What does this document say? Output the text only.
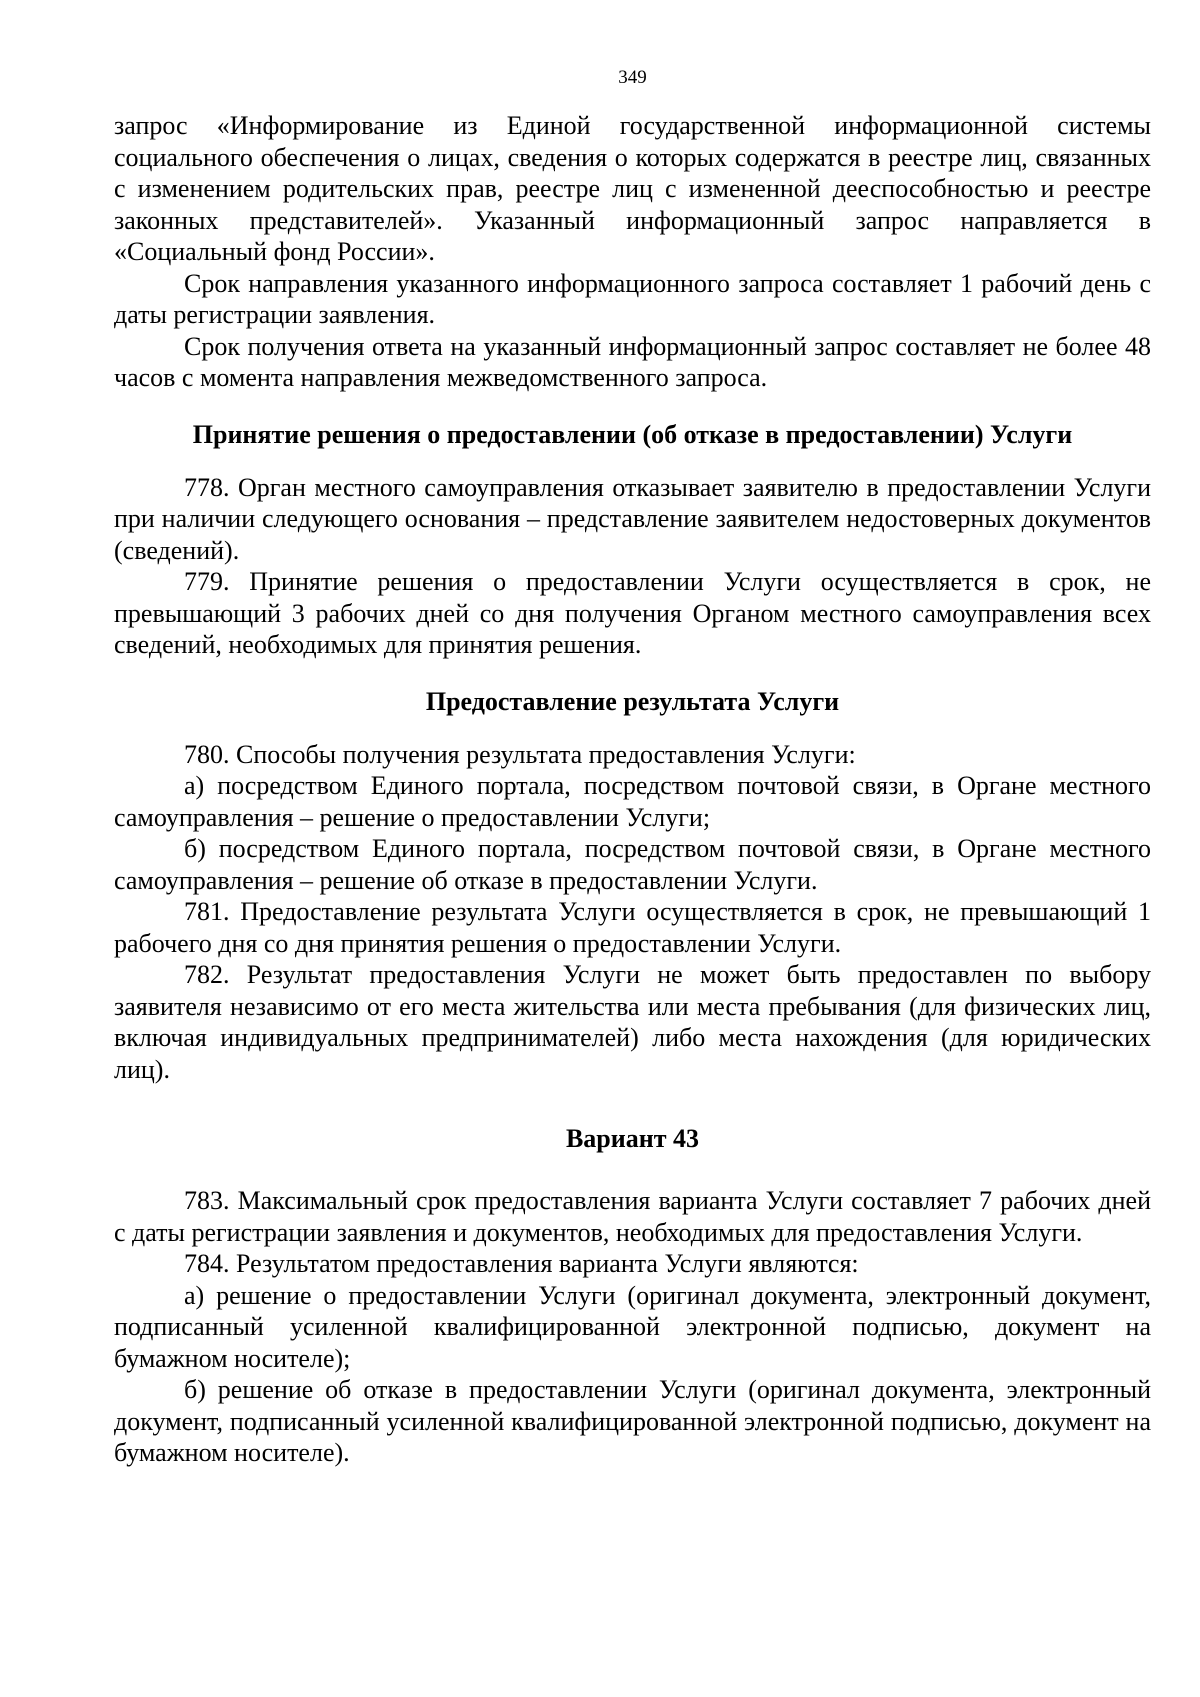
349

запрос «Информирование из Единой государственной информационной системы социального обеспечения о лицах, сведения о которых содержатся в реестре лиц, связанных с изменением родительских прав, реестре лиц с измененной дееспособностью и реестре законных представителей». Указанный информационный запрос направляется в «Социальный фонд России».

Срок направления указанного информационного запроса составляет 1 рабочий день с даты регистрации заявления.

Срок получения ответа на указанный информационный запрос составляет не более 48 часов с момента направления межведомственного запроса.

Принятие решения о предоставлении (об отказе в предоставлении) Услуги

778. Орган местного самоуправления отказывает заявителю в предоставлении Услуги при наличии следующего основания – представление заявителем недостоверных документов (сведений).

779. Принятие решения о предоставлении Услуги осуществляется в срок, не превышающий 3 рабочих дней со дня получения Органом местного самоуправления всех сведений, необходимых для принятия решения.

Предоставление результата Услуги

780. Способы получения результата предоставления Услуги:

а) посредством Единого портала, посредством почтовой связи, в Органе местного самоуправления – решение о предоставлении Услуги;

б) посредством Единого портала, посредством почтовой связи, в Органе местного самоуправления – решение об отказе в предоставлении Услуги.

781. Предоставление результата Услуги осуществляется в срок, не превышающий 1 рабочего дня со дня принятия решения о предоставлении Услуги.

782. Результат предоставления Услуги не может быть предоставлен по выбору заявителя независимо от его места жительства или места пребывания (для физических лиц, включая индивидуальных предпринимателей) либо места нахождения (для юридических лиц).

Вариант 43

783. Максимальный срок предоставления варианта Услуги составляет 7 рабочих дней с даты регистрации заявления и документов, необходимых для предоставления Услуги.

784. Результатом предоставления варианта Услуги являются:

а) решение о предоставлении Услуги (оригинал документа, электронный документ, подписанный усиленной квалифицированной электронной подписью, документ на бумажном носителе);

б) решение об отказе в предоставлении Услуги (оригинал документа, электронный документ, подписанный усиленной квалифицированной электронной подписью, документ на бумажном носителе).
